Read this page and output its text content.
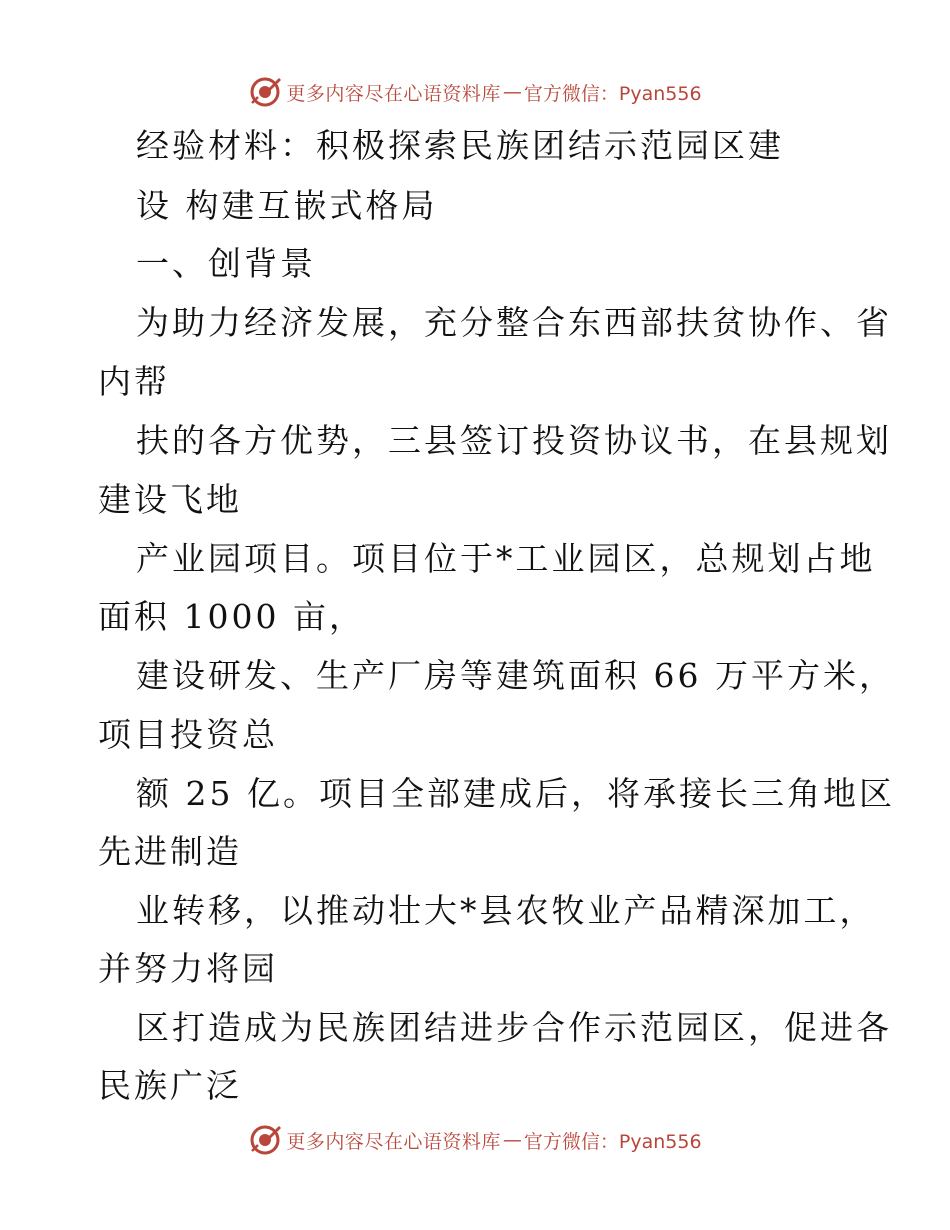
更多内容尽在心语资料库 — 官方微信：Pyan556
经验材料：积极探索民族团结示范园区建
设 构建互嵌式格局
一、创背景
为助力经济发展，充分整合东西部扶贫协作、省
内帮
扶的各方优势，三县签订投资协议书，在县规划
建设飞地
产业园项目。项目位于*工业园区，总规划占地
面积 1000 亩，
建设研发、生产厂房等建筑面积 66 万平方米，
项目投资总
额 25 亿。项目全部建成后，将承接长三角地区
先进制造
业转移，以推动壮大*县农牧业产品精深加工，
并努力将园
区打造成为民族团结进步合作示范园区，促进各
民族广泛
更多内容尽在心语资料库 — 官方微信：Pyan556
